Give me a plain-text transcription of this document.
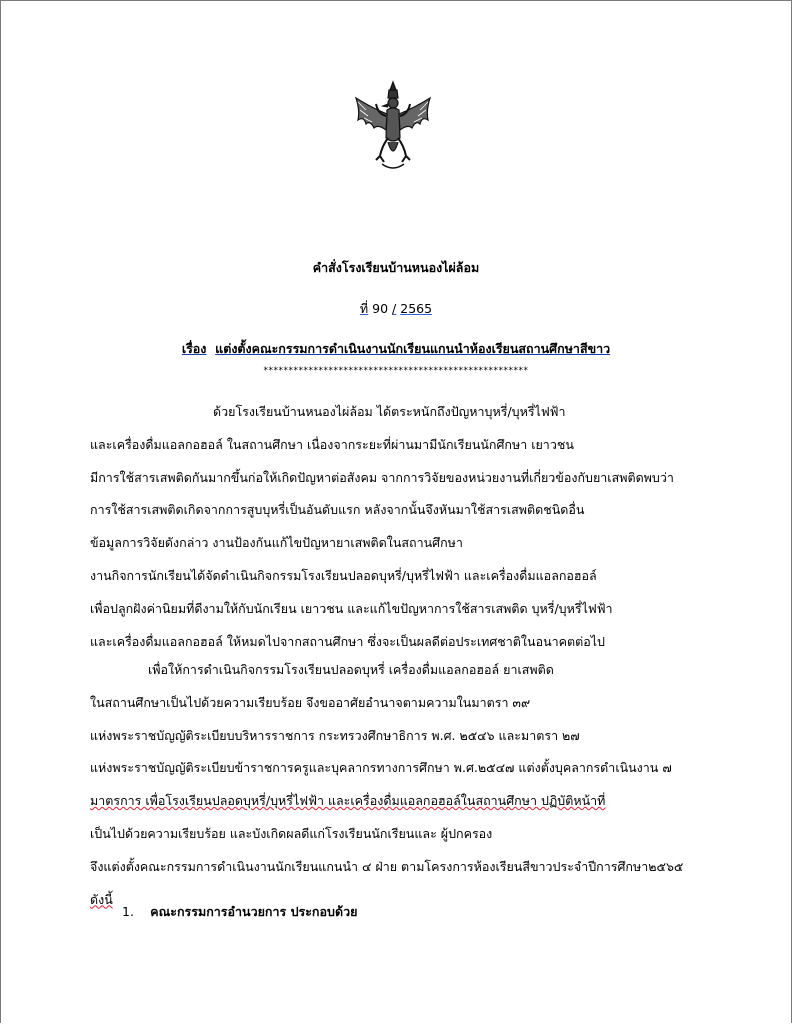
คำสั่งโรงเรียนบ้านหนองไผ่ล้อม
ที่ 90 / 2565
เรื่อง แต่งตั้งคณะกรรมการดำเนินงานนักเรียนแกนนำห้องเรียนสถานศึกษาสีขาว
*****************************************************
ด้วยโรงเรียนบ้านหนองไผ่ล้อม ได้ตระหนักถึงปัญหาบุหรี่/บุหรี่ไฟฟ้า
และเครื่องดื่มแอลกอฮอล์ ในสถานศึกษา เนื่องจากระยะที่ผ่านมามีนักเรียนนักศึกษา เยาวชน
มีการใช้สารเสพติดกันมากขึ้นก่อให้เกิดปัญหาต่อสังคม จากการวิจัยของหน่วยงานที่เกี่ยวข้องกับยาเสพติดพบว่า
การใช้สารเสพติดเกิดจากการสูบบุหรี่เป็นอันดับแรก หลังจากนั้นจึงหันมาใช้สารเสพติดชนิดอื่น
ข้อมูลการวิจัยดังกล่าว งานป้องกันแก้ไขปัญหายาเสพติดในสถานศึกษา
งานกิจการนักเรียนได้จัดดำเนินกิจกรรมโรงเรียนปลอดบุหรี่/บุหรี่ไฟฟ้า และเครื่องดื่มแอลกอฮอล์
เพื่อปลูกฝังค่านิยมที่ดีงามให้กับนักเรียน เยาวชน และแก้ไขปัญหาการใช้สารเสพติด บุหรี่/บุหรี่ไฟฟ้า
และเครื่องดื่มแอลกอฮอล์ ให้หมดไปจากสถานศึกษา ซึ่งจะเป็นผลดีต่อประเทศชาติในอนาคตต่อไป
เพื่อให้การดำเนินกิจกรรมโรงเรียนปลอดบุหรี่ เครื่องดื่มแอลกอฮอล์ ยาเสพติด
ในสถานศึกษาเป็นไปด้วยความเรียบร้อย จึงขออาศัยอำนาจตามความในมาตรา ๓๙
แห่งพระราชบัญญัติระเบียบบริหารราชการ กระทรวงศึกษาธิการ พ.ศ. ๒๕๔๖ และมาตรา ๒๗
แห่งพระราชบัญญัติระเบียบข้าราชการครูและบุคลากรทางการศึกษา พ.ศ.๒๕๔๗ แต่งตั้งบุคลากรดำเนินงาน ๗
มาตรการ เพื่อโรงเรียนปลอดบุหรี่/บุหรี่ไฟฟ้า และเครื่องดื่มแอลกอฮอล์ในสถานศึกษา ปฏิบัติหน้าที่
เป็นไปด้วยความเรียบร้อย และบังเกิดผลดีแก่โรงเรียนนักเรียนและ ผู้ปกครอง
จึงแต่งตั้งคณะกรรมการดำเนินงานนักเรียนแกนนำ ๔ ฝ่าย ตามโครงการห้องเรียนสีขาวประจำปีการศึกษา๒๕๖๕
ดังนี้
1. คณะกรรมการอำนวยการ ประกอบด้วย
